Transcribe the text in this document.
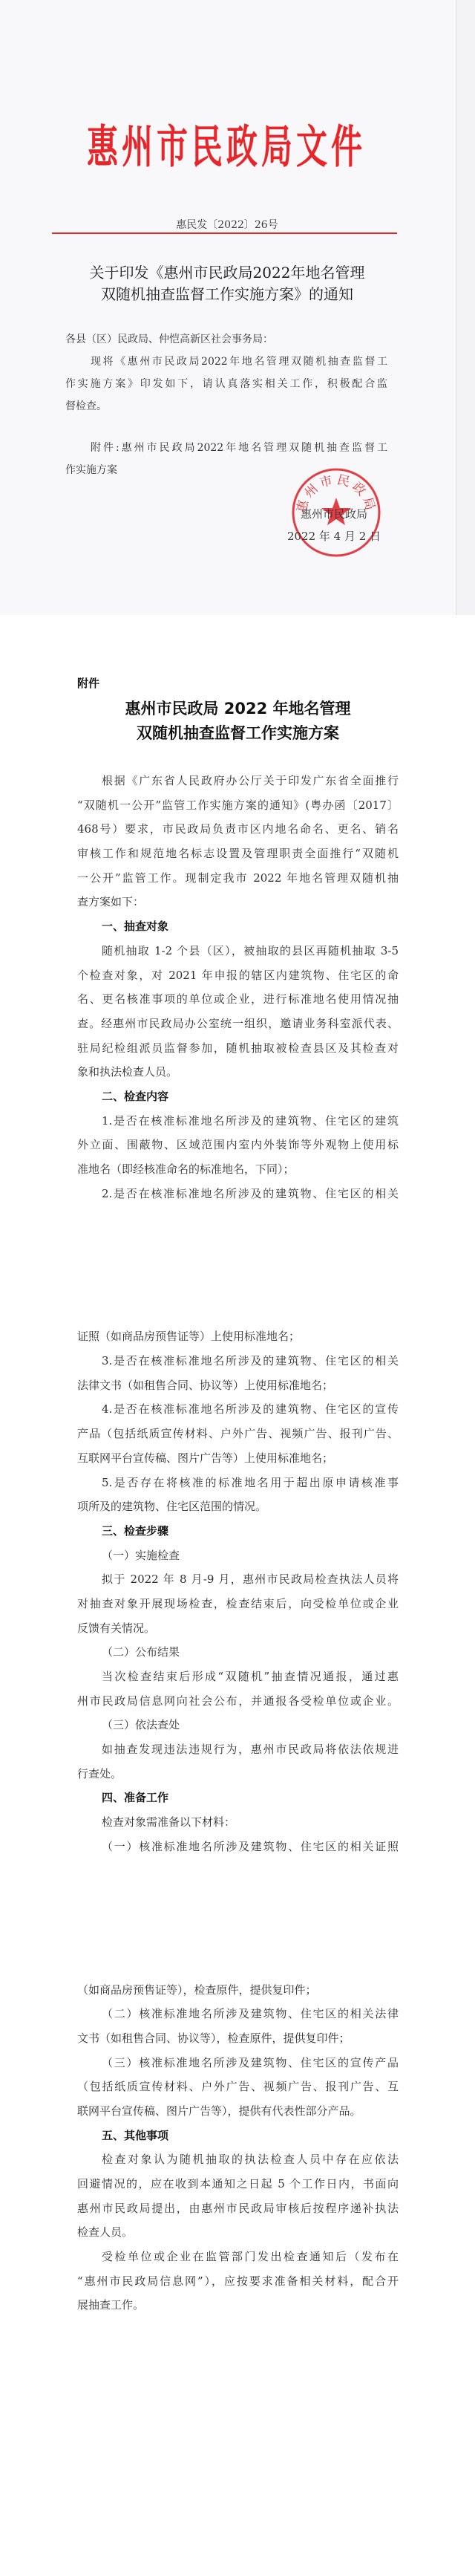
惠州市民政局文件
惠民发〔2022〕26号
关于印发《惠州市民政局2022年地名管理
双随机抽查监督工作实施方案》的通知
各县（区）民政局、仲恺高新区社会事务局：
现将《惠州市民政局2022年地名管理双随机抽查监督工
作实施方案》印发如下，请认真落实相关工作，积极配合监
督检查。
附件:惠州市民政局2022年地名管理双随机抽查监督工
作实施方案
惠州市民政局
惠州市民政局
2022 年 4 月 2 日
附件
惠州市民政局 2022 年地名管理
双随机抽查监督工作实施方案
根据《广东省人民政府办公厅关于印发广东省全面推行
“双随机一公开”监管工作实施方案的通知》(粤办函〔2017〕
468号）要求，市民政局负责市区内地名命名、更名、销名
审核工作和规范地名标志设置及管理职责全面推行“双随机
一公开”监管工作。现制定我市 2022 年地名管理双随机抽
查方案如下：
一、抽查对象
随机抽取 1-2 个县（区），被抽取的县区再随机抽取 3-5
个检查对象，对 2021 年申报的辖区内建筑物、住宅区的命
名、更名核准事项的单位或企业，进行标准地名使用情况抽
查。经惠州市民政局办公室统一组织，邀请业务科室派代表、
驻局纪检组派员监督参加，随机抽取被检查县区及其检查对
象和执法检查人员。
二、检查内容
1.是否在核准标准地名所涉及的建筑物、住宅区的建筑
外立面、围蔽物、区域范围内室内外装饰等外观物上使用标
准地名（即经核准命名的标准地名，下同）；
2.是否在核准标准地名所涉及的建筑物、住宅区的相关
证照（如商品房预售证等）上使用标准地名；
3.是否在核准标准地名所涉及的建筑物、住宅区的相关
法律文书（如租售合同、协议等）上使用标准地名；
4.是否在核准标准地名所涉及的建筑物、住宅区的宣传
产品（包括纸质宣传材料、户外广告、视频广告、报刊广告、
互联网平台宣传稿、图片广告等）上使用标准地名；
5.是否存在将核准的标准地名用于超出原申请核准事
项所及的建筑物、住宅区范围的情况。
三、检查步骤
（一）实施检查
拟于 2022 年 8 月-9 月，惠州市民政局检查执法人员将
对抽查对象开展现场检查，检查结束后，向受检单位或企业
反馈有关情况。
（二）公布结果
当次检查结束后形成“双随机”抽查情况通报，通过惠
州市民政局信息网向社会公布，并通报各受检单位或企业。
（三）依法查处
如抽查发现违法违规行为，惠州市民政局将依法依规进
行查处。
四、准备工作
检查对象需准备以下材料：
（一）核准标准地名所涉及建筑物、住宅区的相关证照
（如商品房预售证等），检查原件，提供复印件；
（二）核准标准地名所涉及建筑物、住宅区的相关法律
文书（如租售合同、协议等），检查原件，提供复印件；
（三）核准标准地名所涉及建筑物、住宅区的宣传产品
（包括纸质宣传材料、户外广告、视频广告、报刊广告、互
联网平台宣传稿、图片广告等），提供有代表性部分产品。
五、其他事项
检查对象认为随机抽取的执法检查人员中存在应依法
回避情况的，应在收到本通知之日起 5 个工作日内，书面向
惠州市民政局提出，由惠州市民政局审核后按程序递补执法
检查人员。
受检单位或企业在监管部门发出检查通知后（发布在
“惠州市民政局信息网”），应按要求准备相关材料，配合开
展抽查工作。
